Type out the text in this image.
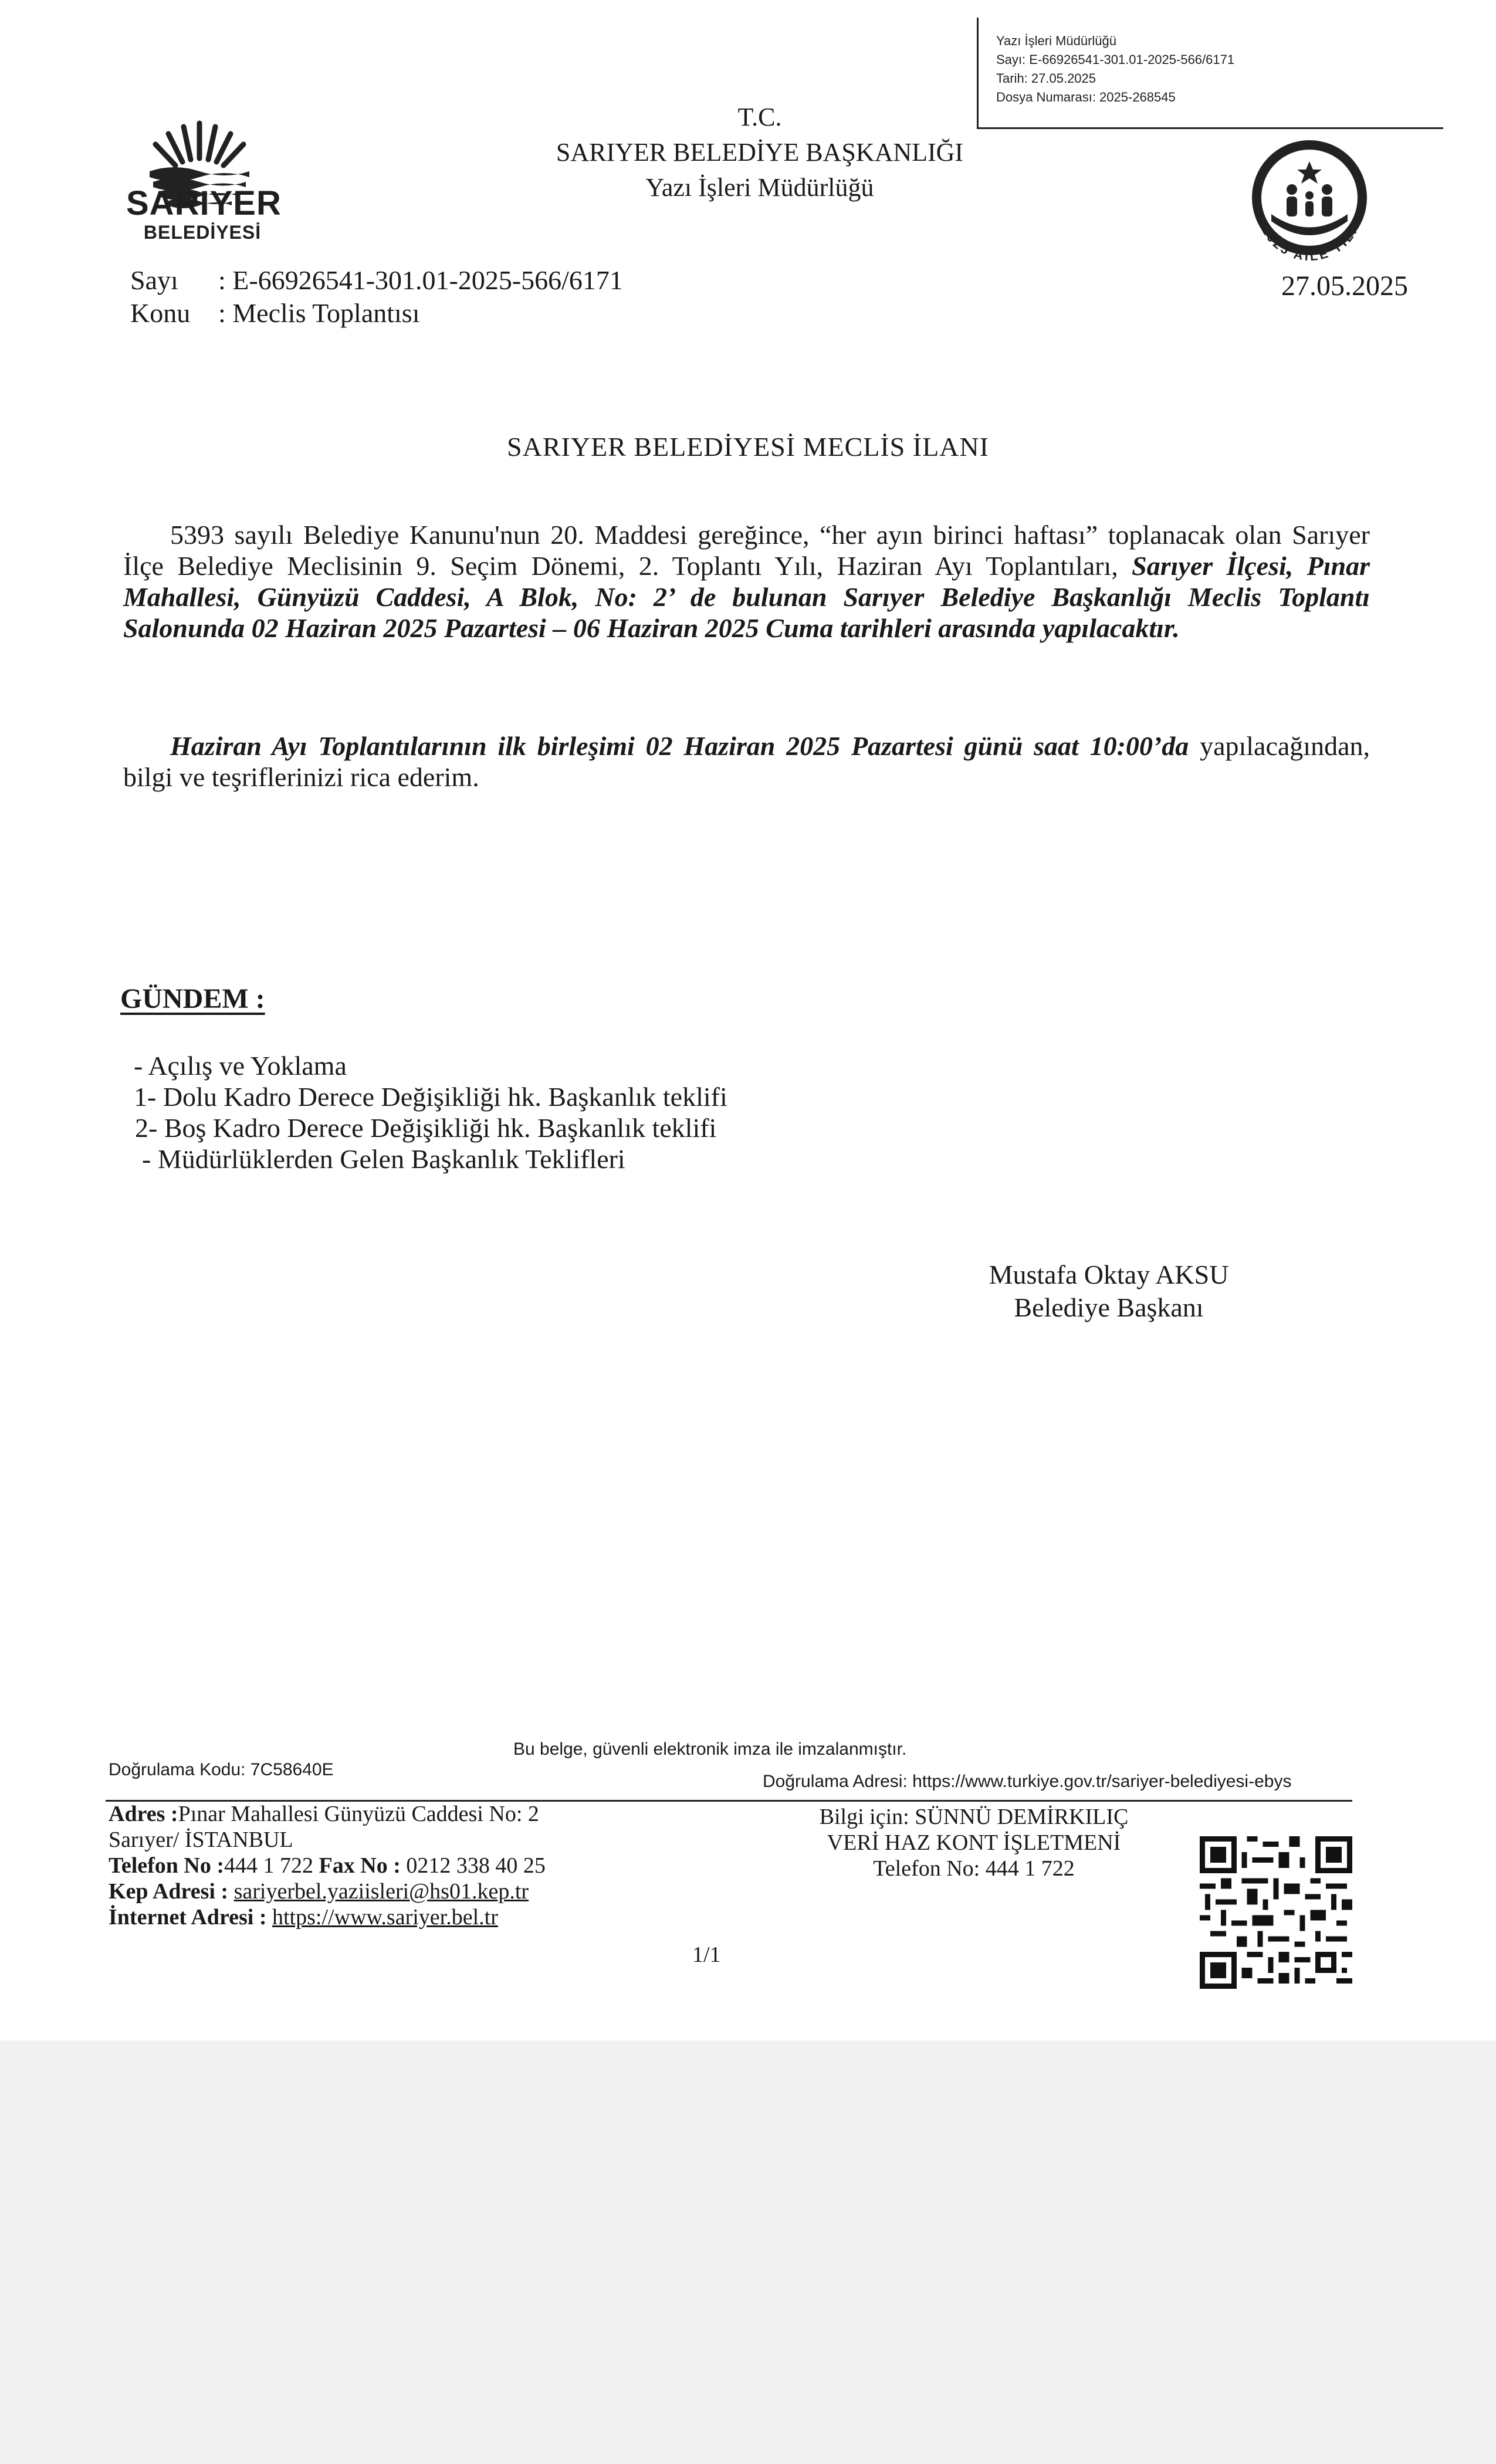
SARIYER
BELEDİYESİ
T.C.
SARIYER BELEDİYE BAŞKANLIĞI
Yazı İşleri Müdürlüğü
Yazı İşleri Müdürlüğü
Sayı: E-66926541-301.01-2025-566/6171
Tarih: 27.05.2025
Dosya Numarası: 2025-268545
2025 AİLE YILI
27.05.2025
Sayı : E-66926541-301.01-2025-566/6171
Konu : Meclis Toplantısı
SARIYER BELEDİYESİ MECLİS İLANI
5393 sayılı Belediye Kanunu'nun 20. Maddesi gereğince, “her ayın birinci haftası” toplanacak olan Sarıyer İlçe Belediye Meclisinin 9. Seçim Dönemi, 2. Toplantı Yılı, Haziran Ayı Toplantıları, Sarıyer İlçesi, Pınar Mahallesi, Günyüzü Caddesi, A Blok, No: 2’ de bulunan Sarıyer Belediye Başkanlığı Meclis Toplantı Salonunda 02 Haziran 2025 Pazartesi – 06 Haziran 2025 Cuma tarihleri arasında yapılacaktır.
Haziran Ayı Toplantılarının ilk birleşimi 02 Haziran 2025 Pazartesi günü saat 10:00’da yapılacağından, bilgi ve teşriflerinizi rica ederim.
GÜNDEM :
- Açılış ve Yoklama
1- Dolu Kadro Derece Değişikliği hk. Başkanlık teklifi
2- Boş Kadro Derece Değişikliği hk. Başkanlık teklifi
- Müdürlüklerden Gelen Başkanlık Teklifleri
Mustafa Oktay AKSU
Belediye Başkanı
Bu belge, güvenli elektronik imza ile imzalanmıştır.
Doğrulama Kodu: 7C58640E
Doğrulama Adresi: https://www.turkiye.gov.tr/sariyer-belediyesi-ebys
Adres :Pınar Mahallesi Günyüzü Caddesi No: 2
Sarıyer/ İSTANBUL
Telefon No :444 1 722 Fax No : 0212 338 40 25
Kep Adresi : sariyerbel.yaziisleri@hs01.kep.tr
İnternet Adresi : https://www.sariyer.bel.tr
Bilgi için: SÜNNÜ DEMİRKILIÇ
VERİ HAZ KONT İŞLETMENİ
Telefon No: 444 1 722
1/1
